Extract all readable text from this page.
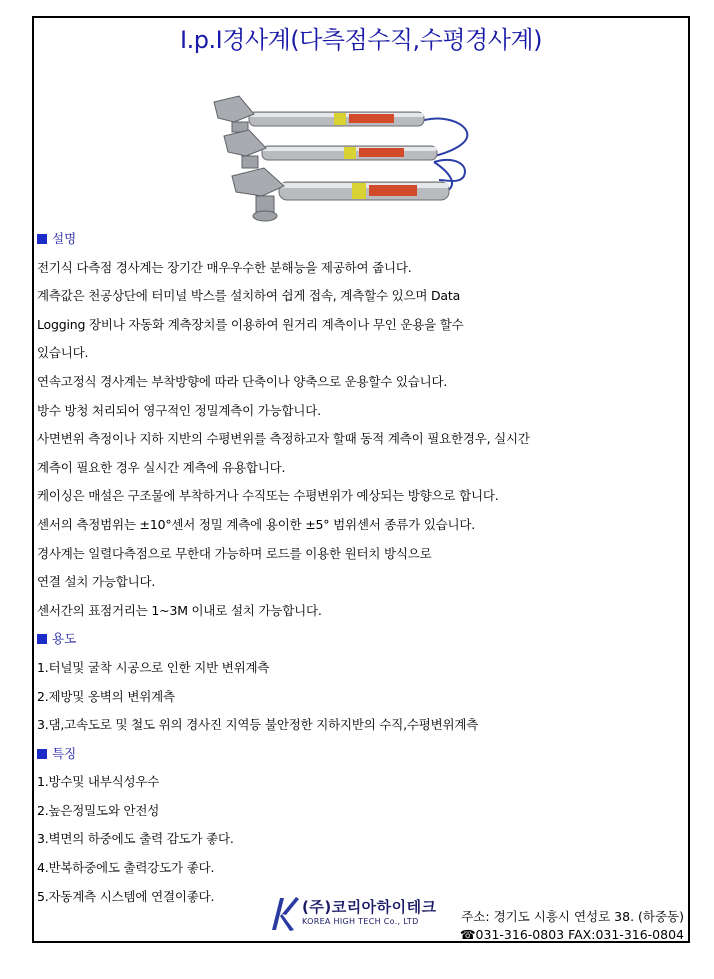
I.p.I경사계(다측점수직,수평경사계)
설명
전기식 다측점 경사계는 장기간 매우우수한 분해능을 제공하여 줍니다.
계측값은 천공상단에 터미널 박스를 설치하여 쉽게 접속, 계측할수 있으며 Data
Logging 장비나 자동화 계측장치를 이용하여 원거리 계측이나 무인 운용을 할수
있습니다.
연속고정식 경사계는 부착방향에 따라 단축이나 양축으로 운용할수 있습니다.
방수 방청 처리되어 영구적인 정밀계측이 가능합니다.
사면변위 측정이나 지하 지반의 수평변위를 측정하고자 할때 동적 계측이 필요한경우, 실시간
계측이 필요한 경우 실시간 계측에 유용합니다.
케이싱은 매설은 구조물에 부착하거나 수직또는 수평변위가 예상되는 방향으로 합니다.
센서의 측정범위는 ±10°센서 정밀 계측에 용이한 ±5° 범위센서 종류가 있습니다.
경사계는 일렬다측점으로 무한대 가능하며 로드를 이용한 원터치 방식으로
연결 설치 가능합니다.
센서간의 표점거리는 1~3M 이내로 설치 가능합니다.
용도
1.터널및 굴착 시공으로 인한 지반 변위계측
2.제방및 옹벽의 변위계측
3.댐,고속도로 및 철도 위의 경사진 지역등 불안정한 지하지반의 수직,수평변위계측
특징
1.방수및 내부식성우수
2.높은정밀도와 안전성
3.벽면의 하중에도 출력 감도가 좋다.
4.반복하중에도 출력강도가 좋다.
5.자동계측 시스템에 연결이좋다.
(주)코리아하이테크
KOREA HIGH TECH Co., LTD	주소: 경기도 시흥시 연성로 38. (하중동)
☎031-316-0803 FAX:031-316-0804
